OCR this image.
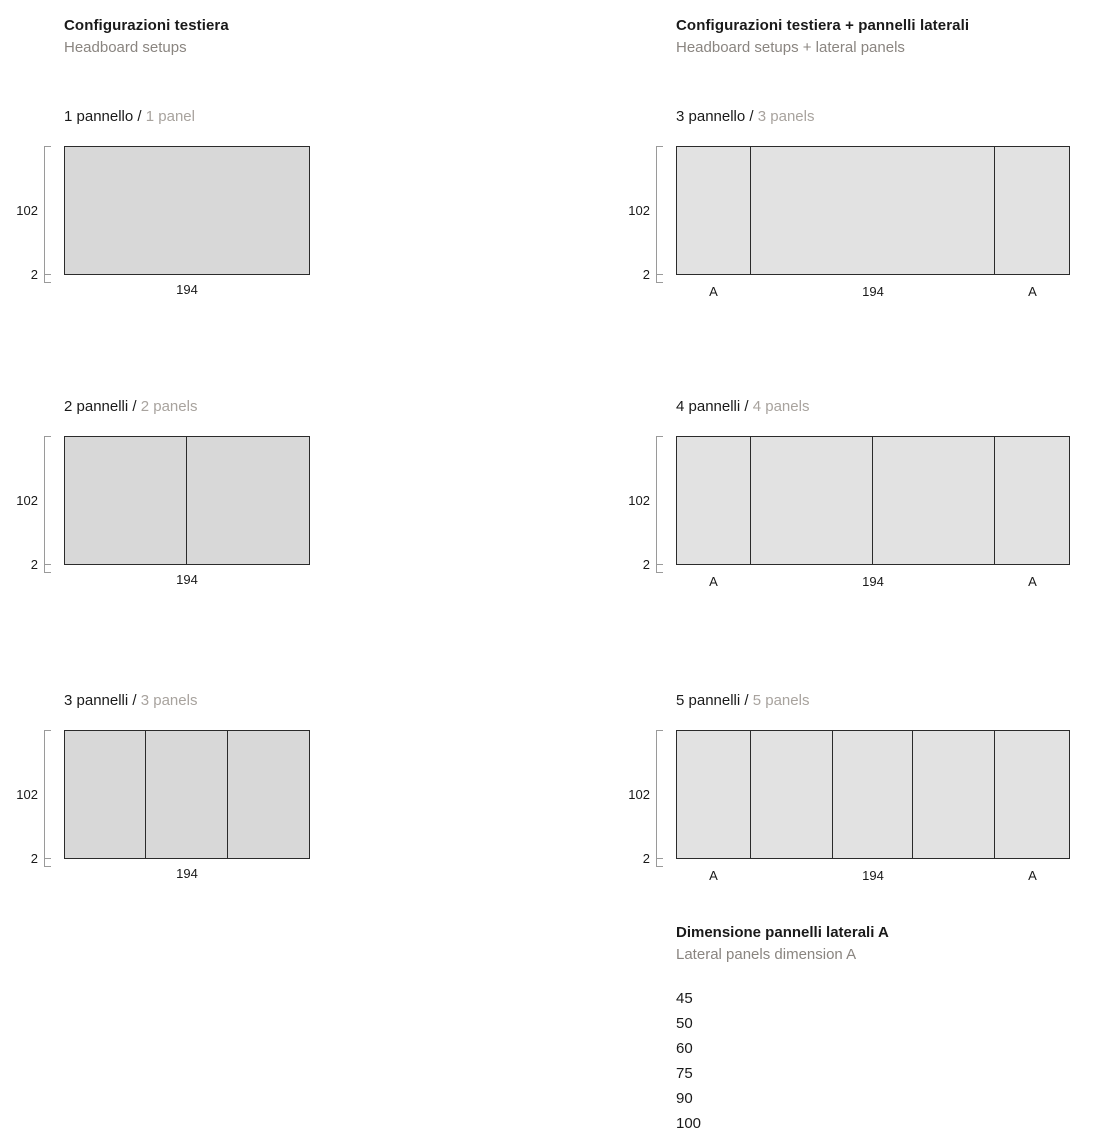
Configurazioni testiera
Headboard setups
1 pannello / 1 panel
102
2
194
2 pannelli / 2 panels
102
2
194
3 pannelli / 3 panels
102
2
194
Configurazioni testiera + pannelli laterali
Headboard setups + lateral panels
3 pannello / 3 panels
102
2
A	194	A
4 pannelli / 4 panels
102
2
A	194	A
5 pannelli / 5 panels
102
2
A	194	A
Dimensione pannelli laterali A
Lateral panels dimension A
45
50
60
75
90
100
